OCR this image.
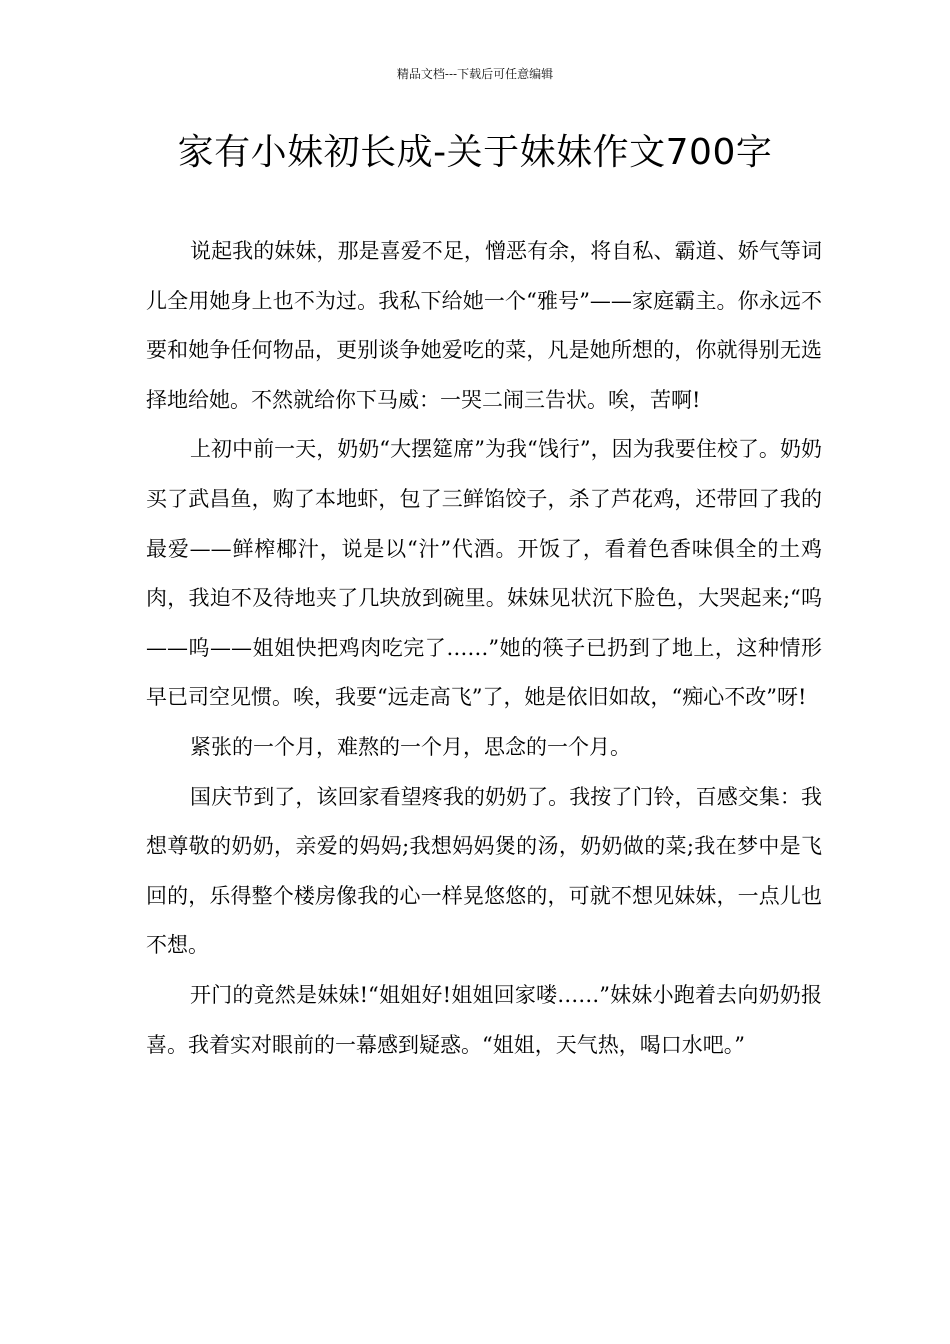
精品文档---下载后可任意编辑
家有小妹初长成-关于妹妹作文700字

说起我的妹妹，那是喜爱不足，憎恶有余，将自私、霸道、娇气等词儿全用她身上也不为过。我私下给她一个“雅号”——家庭霸主。你永远不要和她争任何物品，更别谈争她爱吃的菜，凡是她所想的，你就得别无选择地给她。不然就给你下马威：一哭二闹三告状。唉，苦啊!

上初中前一天，奶奶“大摆筵席”为我“饯行”，因为我要住校了。奶奶买了武昌鱼，购了本地虾，包了三鲜馅饺子，杀了芦花鸡，还带回了我的最爱——鲜榨椰汁，说是以“汁”代酒。开饭了，看着色香味俱全的土鸡肉，我迫不及待地夹了几块放到碗里。妹妹见状沉下脸色，大哭起来;“呜——呜——姐姐快把鸡肉吃完了……”她的筷子已扔到了地上，这种情形早已司空见惯。唉，我要“远走高飞”了，她是依旧如故，“痴心不改”呀!

紧张的一个月，难熬的一个月，思念的一个月。

国庆节到了，该回家看望疼我的奶奶了。我按了门铃，百感交集：我想尊敬的奶奶，亲爱的妈妈;我想妈妈煲的汤，奶奶做的菜;我在梦中是飞回的，乐得整个楼房像我的心一样晃悠悠的，可就不想见妹妹，一点儿也不想。

开门的竟然是妹妹!“姐姐好!姐姐回家喽……”妹妹小跑着去向奶奶报喜。我着实对眼前的一幕感到疑惑。“姐姐，天气热，喝口水吧。”
